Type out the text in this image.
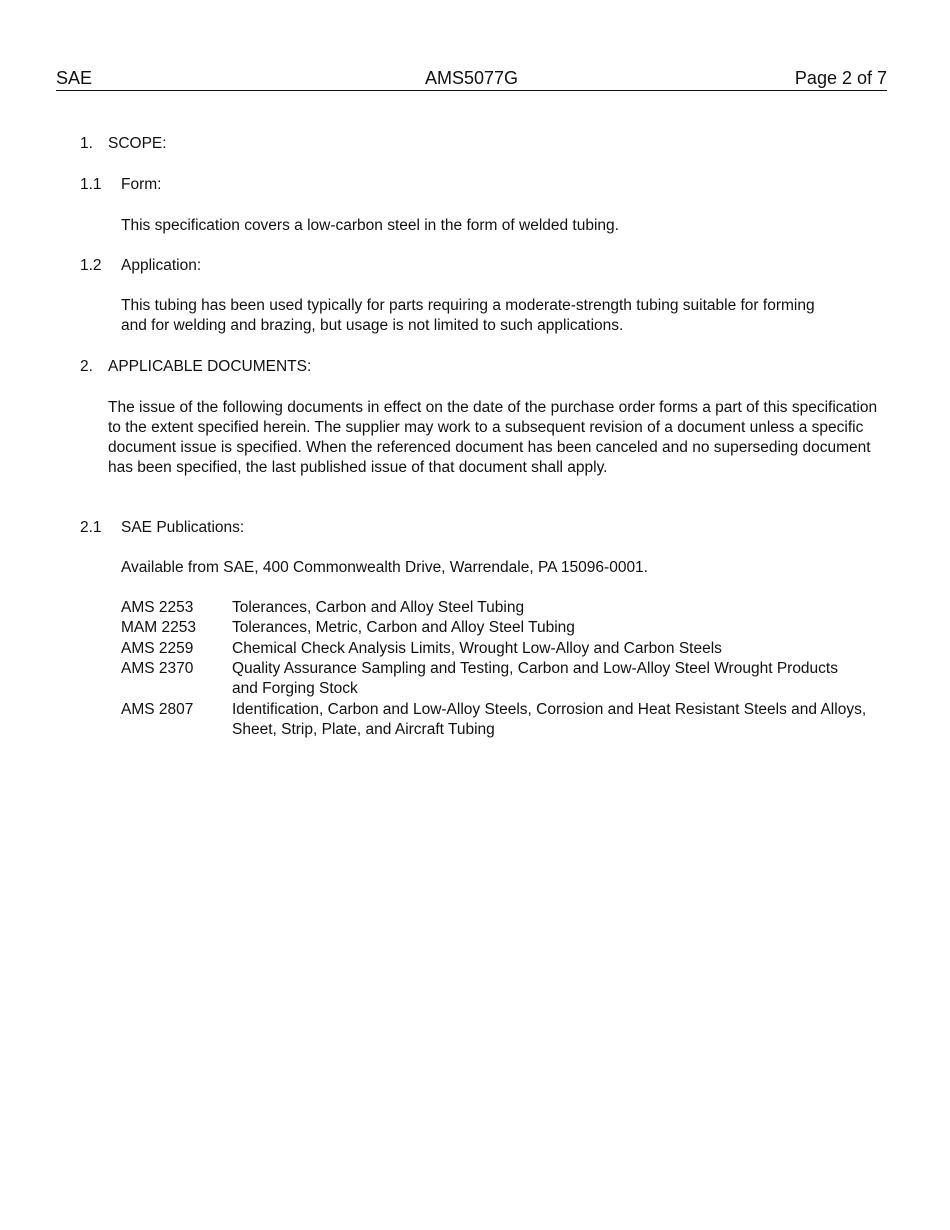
SAE	AMS5077G	Page 2 of 7
1. SCOPE:
1.1 Form:
This specification covers a low-carbon steel in the form of welded tubing.
1.2 Application:
This tubing has been used typically for parts requiring a moderate-strength tubing suitable for forming and for welding and brazing, but usage is not limited to such applications.
2. APPLICABLE DOCUMENTS:
The issue of the following documents in effect on the date of the purchase order forms a part of this specification to the extent specified herein. The supplier may work to a subsequent revision of a document unless a specific document issue is specified. When the referenced document has been canceled and no superseding document has been specified, the last published issue of that document shall apply.
2.1 SAE Publications:
Available from SAE, 400 Commonwealth Drive, Warrendale, PA 15096-0001.
AMS 2253 Tolerances, Carbon and Alloy Steel Tubing
MAM 2253 Tolerances, Metric, Carbon and Alloy Steel Tubing
AMS 2259 Chemical Check Analysis Limits, Wrought Low-Alloy and Carbon Steels
AMS 2370 Quality Assurance Sampling and Testing, Carbon and Low-Alloy Steel Wrought Products and Forging Stock
AMS 2807 Identification, Carbon and Low-Alloy Steels, Corrosion and Heat Resistant Steels and Alloys, Sheet, Strip, Plate, and Aircraft Tubing
